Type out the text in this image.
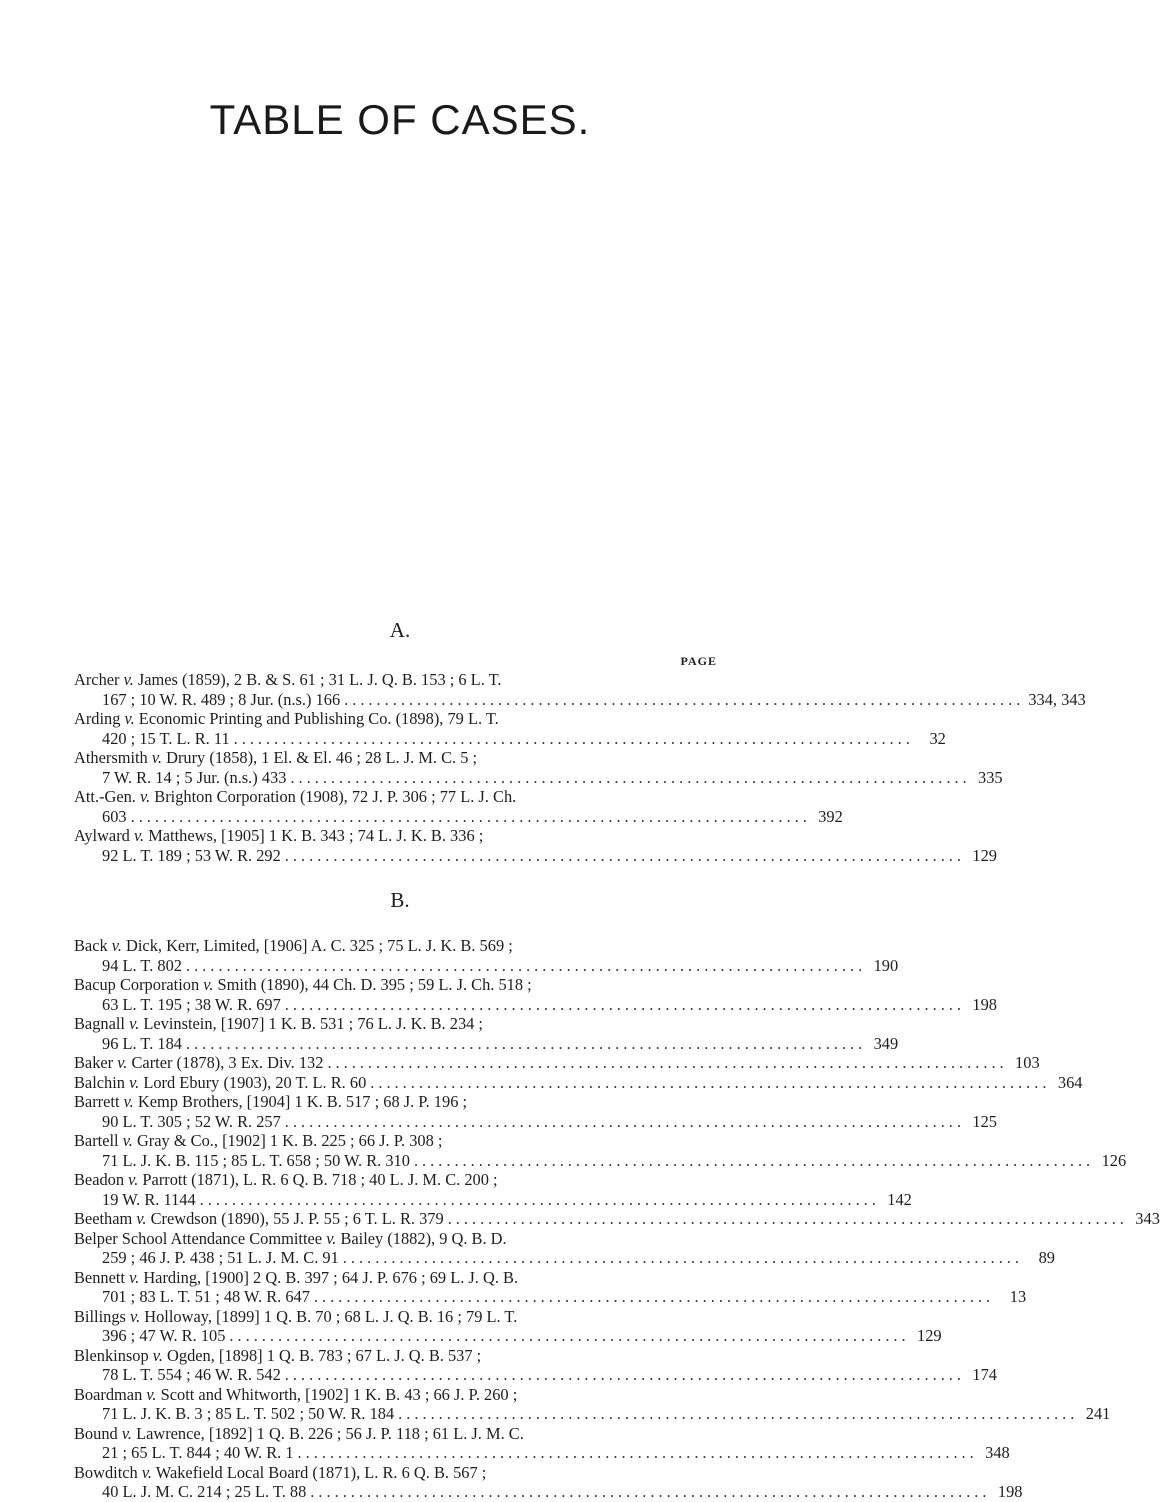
TABLE OF CASES.
A.
PAGE
Archer v. James (1859), 2 B. & S. 61 ; 31 L. J. Q. B. 153 ; 6 L. T.
167 ; 10 W. R. 489 ; 8 Jur. (n.s.) 166 .................................................................................... 334, 343
Arding v. Economic Printing and Publishing Co. (1898), 79 L. T.
420 ; 15 T. L. R. 11 .................................................................................... 32
Athersmith v. Drury (1858), 1 El. & El. 46 ; 28 L. J. M. C. 5 ;
7 W. R. 14 ; 5 Jur. (n.s.) 433 .................................................................................... 335
Att.-Gen. v. Brighton Corporation (1908), 72 J. P. 306 ; 77 L. J. Ch.
603 .................................................................................... 392
Aylward v. Matthews, [1905] 1 K. B. 343 ; 74 L. J. K. B. 336 ;
92 L. T. 189 ; 53 W. R. 292 .................................................................................... 129
B.
Back v. Dick, Kerr, Limited, [1906] A. C. 325 ; 75 L. J. K. B. 569 ;
94 L. T. 802 .................................................................................... 190
Bacup Corporation v. Smith (1890), 44 Ch. D. 395 ; 59 L. J. Ch. 518 ;
63 L. T. 195 ; 38 W. R. 697 .................................................................................... 198
Bagnall v. Levinstein, [1907] 1 K. B. 531 ; 76 L. J. K. B. 234 ;
96 L. T. 184 .................................................................................... 349
Baker v. Carter (1878), 3 Ex. Div. 132 .................................................................................... 103
Balchin v. Lord Ebury (1903), 20 T. L. R. 60 .................................................................................... 364
Barrett v. Kemp Brothers, [1904] 1 K. B. 517 ; 68 J. P. 196 ;
90 L. T. 305 ; 52 W. R. 257 .................................................................................... 125
Bartell v. Gray & Co., [1902] 1 K. B. 225 ; 66 J. P. 308 ;
71 L. J. K. B. 115 ; 85 L. T. 658 ; 50 W. R. 310 .................................................................................... 126
Beadon v. Parrott (1871), L. R. 6 Q. B. 718 ; 40 L. J. M. C. 200 ;
19 W. R. 1144 .................................................................................... 142
Beetham v. Crewdson (1890), 55 J. P. 55 ; 6 T. L. R. 379 .................................................................................... 343
Belper School Attendance Committee v. Bailey (1882), 9 Q. B. D.
259 ; 46 J. P. 438 ; 51 L. J. M. C. 91 .................................................................................... 89
Bennett v. Harding, [1900] 2 Q. B. 397 ; 64 J. P. 676 ; 69 L. J. Q. B.
701 ; 83 L. T. 51 ; 48 W. R. 647 .................................................................................... 13
Billings v. Holloway, [1899] 1 Q. B. 70 ; 68 L. J. Q. B. 16 ; 79 L. T.
396 ; 47 W. R. 105 .................................................................................... 129
Blenkinsop v. Ogden, [1898] 1 Q. B. 783 ; 67 L. J. Q. B. 537 ;
78 L. T. 554 ; 46 W. R. 542 .................................................................................... 174
Boardman v. Scott and Whitworth, [1902] 1 K. B. 43 ; 66 J. P. 260 ;
71 L. J. K. B. 3 ; 85 L. T. 502 ; 50 W. R. 184 .................................................................................... 241
Bound v. Lawrence, [1892] 1 Q. B. 226 ; 56 J. P. 118 ; 61 L. J. M. C.
21 ; 65 L. T. 844 ; 40 W. R. 1 .................................................................................... 348
Bowditch v. Wakefield Local Board (1871), L. R. 6 Q. B. 567 ;
40 L. J. M. C. 214 ; 25 L. T. 88 .................................................................................... 198
